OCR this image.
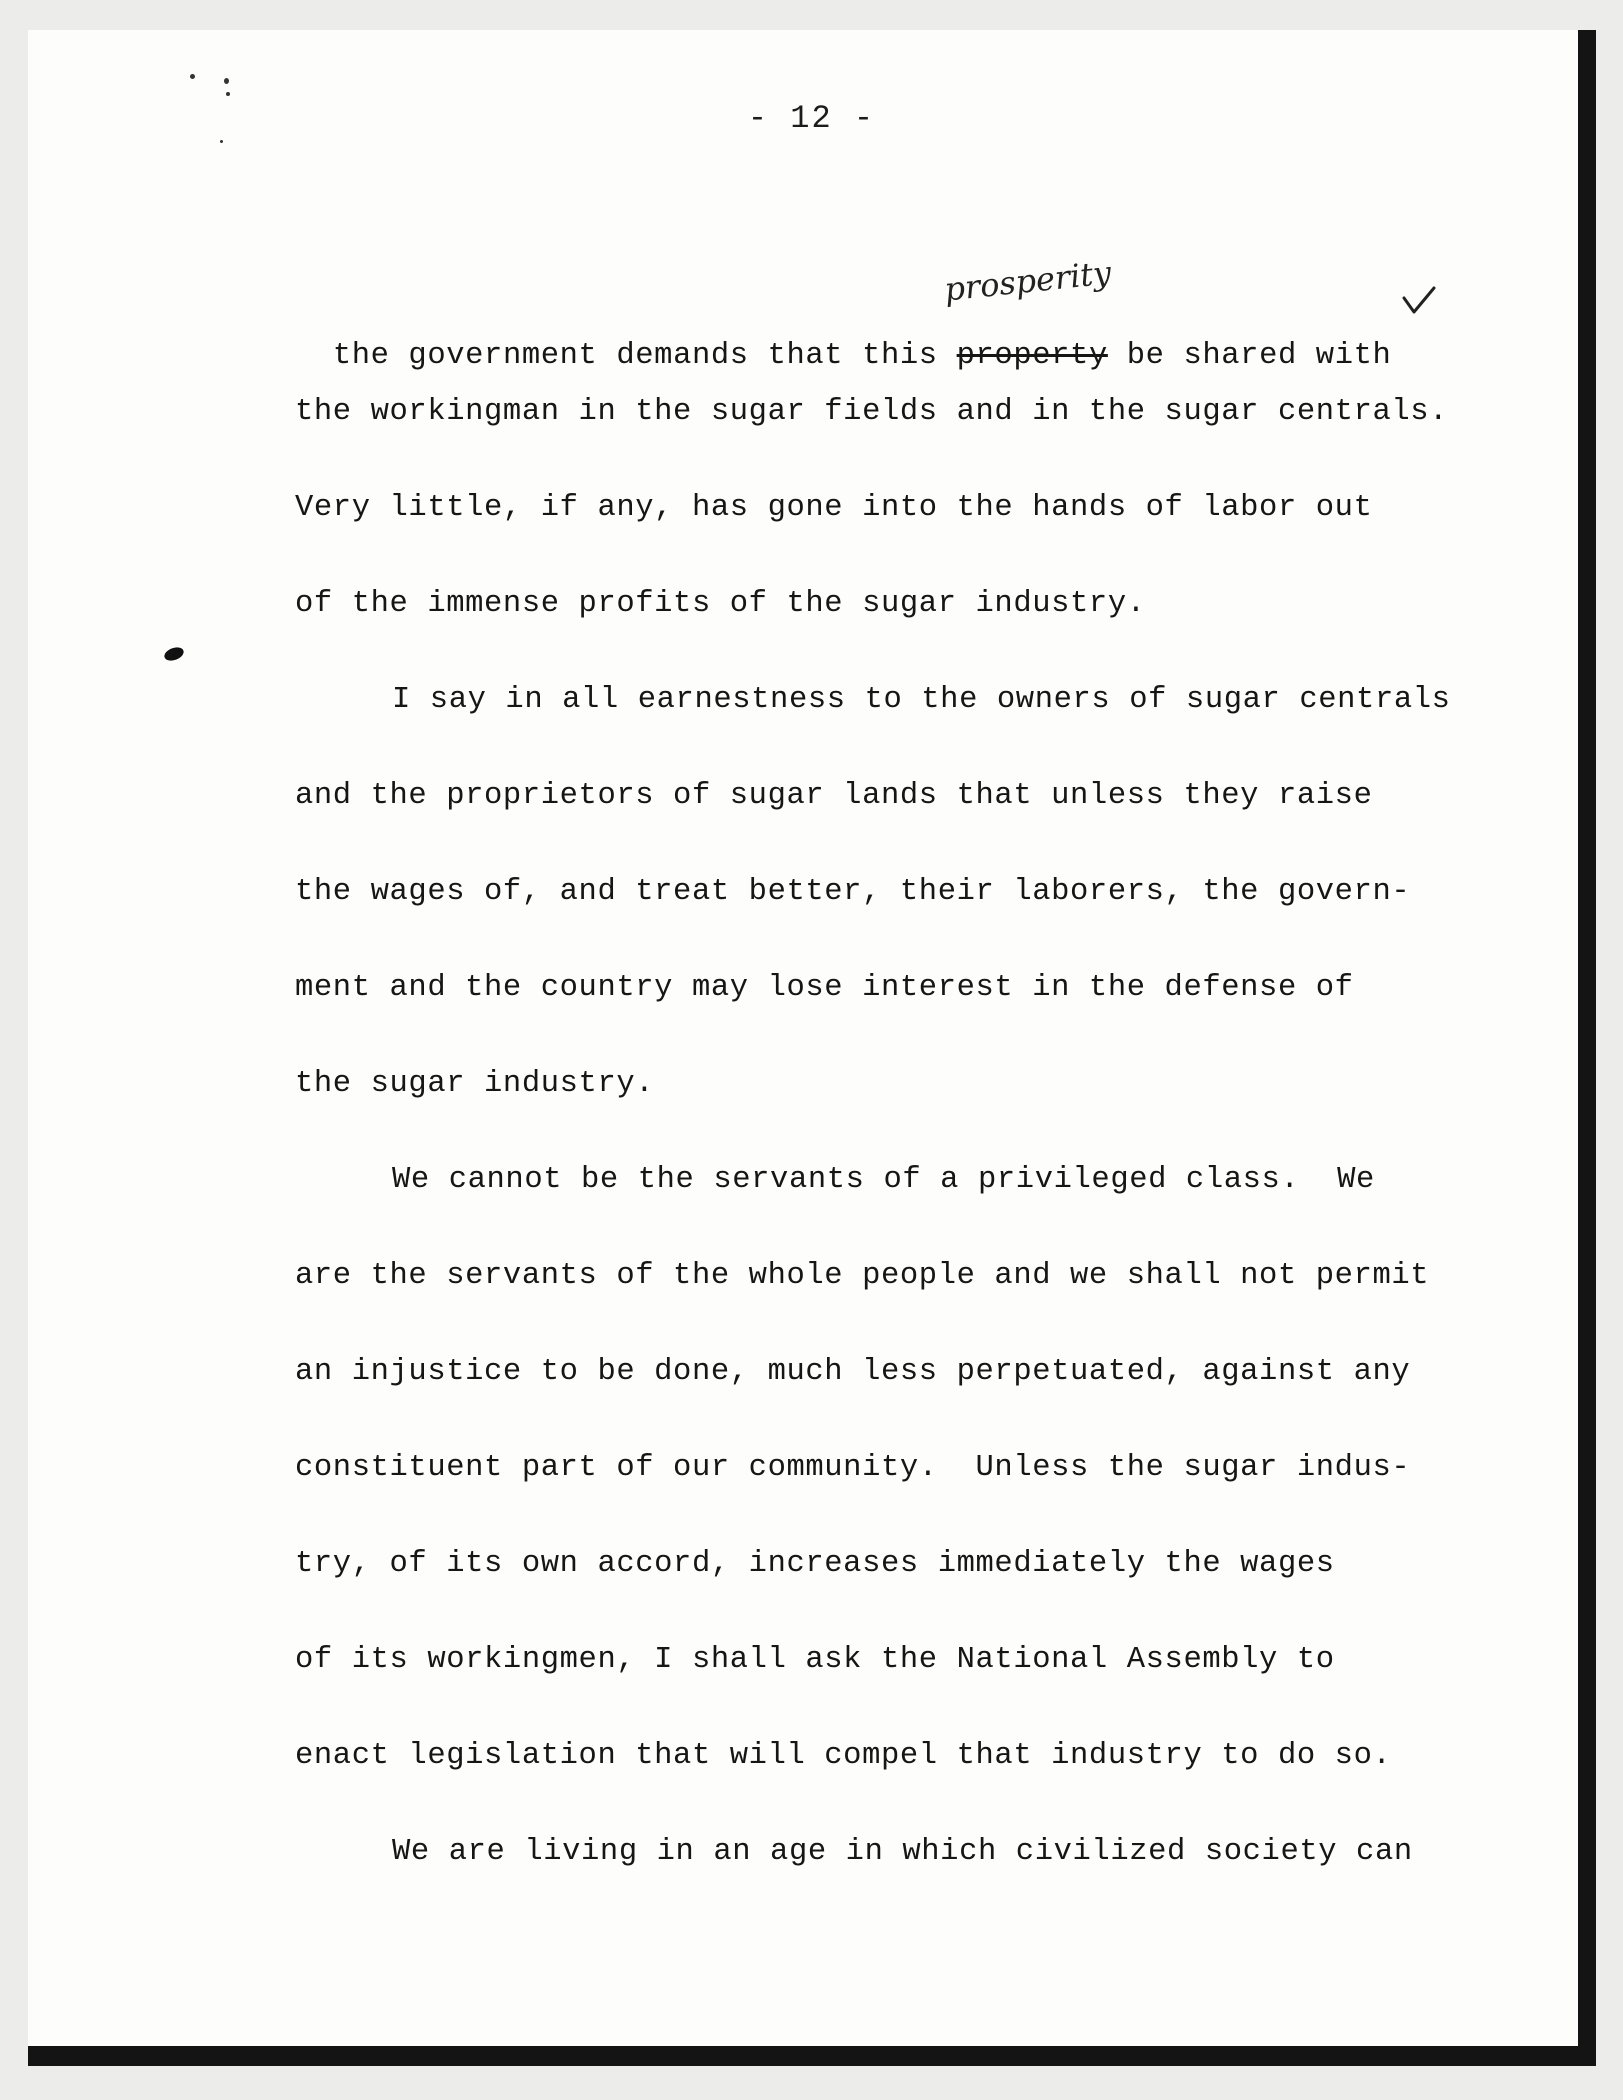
- 12 -
prosperity

the government demands that this property be shared with

the workingman in the sugar fields and in the sugar centrals.
Very little, if any, has gone into the hands of labor out
of the immense profits of the sugar industry.
I say in all earnestness to the owners of sugar centrals
and the proprietors of sugar lands that unless they raise
the wages of, and treat better, their laborers, the govern-
ment and the country may lose interest in the defense of
the sugar industry.
We cannot be the servants of a privileged class.  We
are the servants of the whole people and we shall not permit
an injustice to be done, much less perpetuated, against any
constituent part of our community.  Unless the sugar indus-
try, of its own accord, increases immediately the wages
of its workingmen, I shall ask the National Assembly to
enact legislation that will compel that industry to do so.
We are living in an age in which civilized society can
